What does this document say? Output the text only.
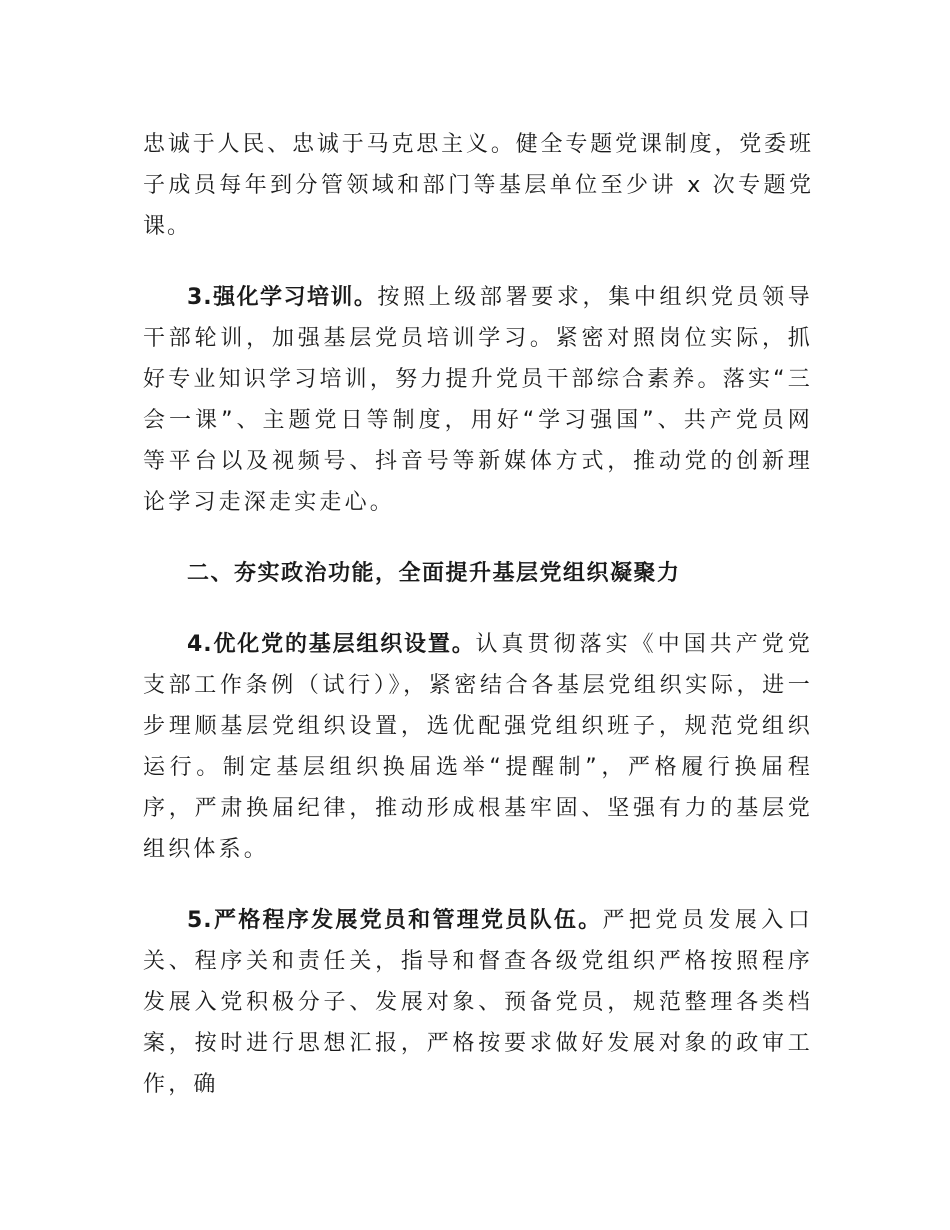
忠诚于人民、忠诚于马克思主义。健全专题党课制度，党委班子成员每年到分管领域和部门等基层单位至少讲 x 次专题党课。

3.强化学习培训。按照上级部署要求，集中组织党员领导干部轮训，加强基层党员培训学习。紧密对照岗位实际，抓好专业知识学习培训，努力提升党员干部综合素养。落实“三会一课”、主题党日等制度，用好“学习强国”、共产党员网等平台以及视频号、抖音号等新媒体方式，推动党的创新理论学习走深走实走心。

二、夯实政治功能，全面提升基层党组织凝聚力

4.优化党的基层组织设置。认真贯彻落实《中国共产党党支部工作条例（试行）》，紧密结合各基层党组织实际，进一步理顺基层党组织设置，选优配强党组织班子，规范党组织运行。制定基层组织换届选举“提醒制”，严格履行换届程序，严肃换届纪律，推动形成根基牢固、坚强有力的基层党组织体系。

5.严格程序发展党员和管理党员队伍。严把党员发展入口关、程序关和责任关，指导和督查各级党组织严格按照程序发展入党积极分子、发展对象、预备党员，规范整理各类档案，按时进行思想汇报，严格按要求做好发展对象的政审工作，确
